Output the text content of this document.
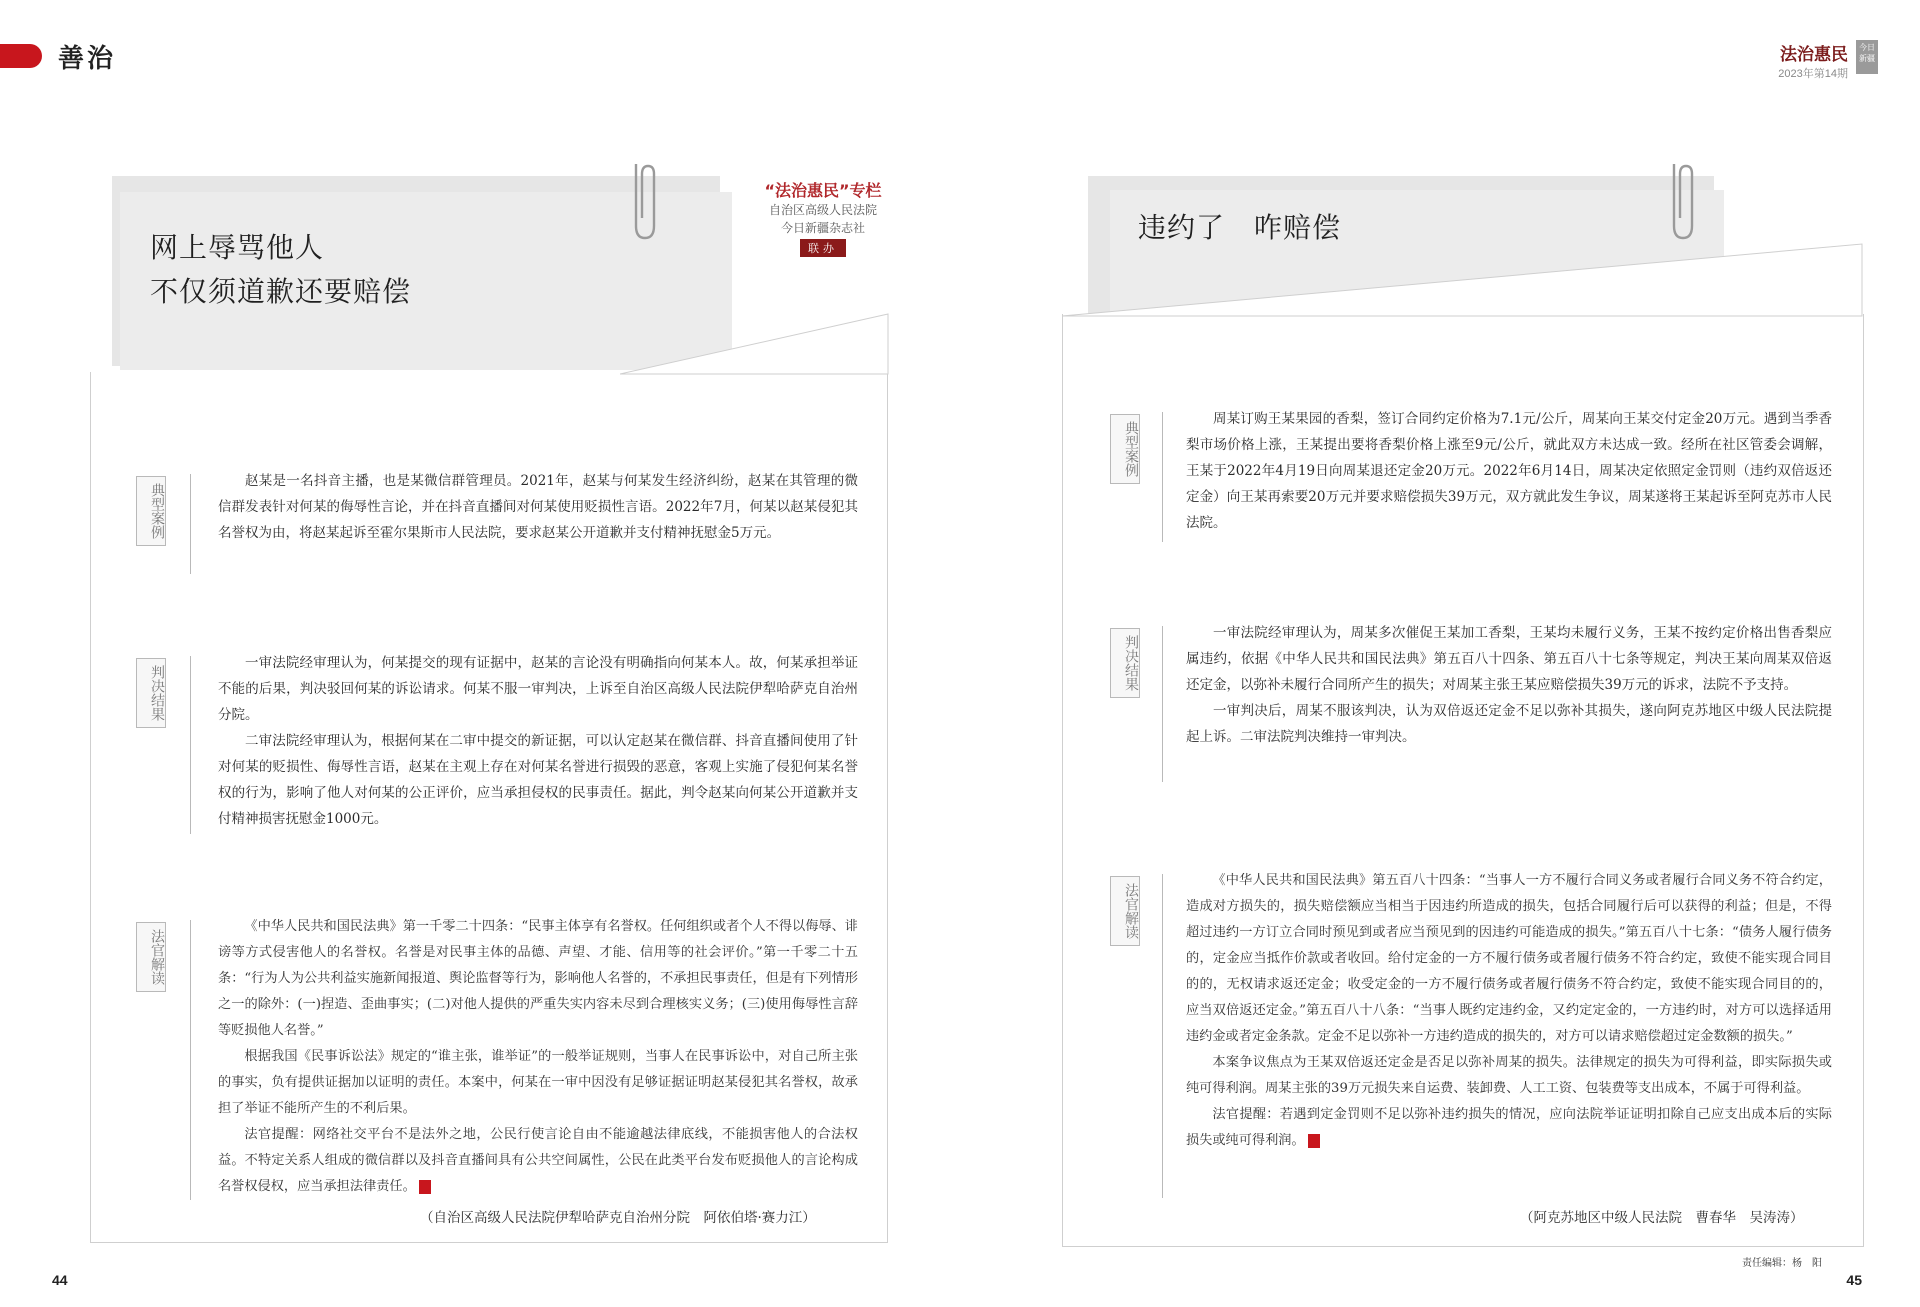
善治	法治惠民
2023年第14期
今日新疆
网上辱骂他人
不仅须道歉还要赔偿
“法治惠民”专栏
自治区高级人民法院
今日新疆杂志社
联办
典型案例

赵某是一名抖音主播，也是某微信群管理员。2021年，赵某与何某发生经济纠纷，赵某在其管理的微信群发表针对何某的侮辱性言论，并在抖音直播间对何某使用贬损性言语。2022年7月，何某以赵某侵犯其名誉权为由，将赵某起诉至霍尔果斯市人民法院，要求赵某公开道歉并支付精神抚慰金5万元。

判决结果

一审法院经审理认为，何某提交的现有证据中，赵某的言论没有明确指向何某本人。故，何某承担举证不能的后果，判决驳回何某的诉讼请求。何某不服一审判决，上诉至自治区高级人民法院伊犁哈萨克自治州分院。

二审法院经审理认为，根据何某在二审中提交的新证据，可以认定赵某在微信群、抖音直播间使用了针对何某的贬损性、侮辱性言语，赵某在主观上存在对何某名誉进行损毁的恶意，客观上实施了侵犯何某名誉权的行为，影响了他人对何某的公正评价，应当承担侵权的民事责任。据此，判令赵某向何某公开道歉并支付精神损害抚慰金1000元。

法官解读

《中华人民共和国民法典》第一千零二十四条：“民事主体享有名誉权。任何组织或者个人不得以侮辱、诽谤等方式侵害他人的名誉权。名誉是对民事主体的品德、声望、才能、信用等的社会评价。”第一千零二十五条：“行为人为公共利益实施新闻报道、舆论监督等行为，影响他人名誉的，不承担民事责任，但是有下列情形之一的除外：(一)捏造、歪曲事实；(二)对他人提供的严重失实内容未尽到合理核实义务；(三)使用侮辱性言辞等贬损他人名誉。”

根据我国《民事诉讼法》规定的“谁主张，谁举证”的一般举证规则，当事人在民事诉讼中，对自己所主张的事实，负有提供证据加以证明的责任。本案中，何某在一审中因没有足够证据证明赵某侵犯其名誉权，故承担了举证不能所产生的不利后果。

法官提醒：网络社交平台不是法外之地，公民行使言论自由不能逾越法律底线，不能损害他人的合法权益。不特定关系人组成的微信群以及抖音直播间具有公共空间属性，公民在此类平台发布贬损他人的言论构成名誉权侵权，应当承担法律责任。

（自治区高级人民法院伊犁哈萨克自治州分院　阿依伯塔·赛力江）
违约了　咋赔偿
典型案例

周某订购王某果园的香梨，签订合同约定价格为7.1元/公斤，周某向王某交付定金20万元。遇到当季香梨市场价格上涨，王某提出要将香梨价格上涨至9元/公斤，就此双方未达成一致。经所在社区管委会调解，王某于2022年4月19日向周某退还定金20万元。2022年6月14日，周某决定依照定金罚则（违约双倍返还定金）向王某再索要20万元并要求赔偿损失39万元，双方就此发生争议，周某遂将王某起诉至阿克苏市人民法院。

判决结果

一审法院经审理认为，周某多次催促王某加工香梨，王某均未履行义务，王某不按约定价格出售香梨应属违约，依据《中华人民共和国民法典》第五百八十四条、第五百八十七条等规定，判决王某向周某双倍返还定金，以弥补未履行合同所产生的损失；对周某主张王某应赔偿损失39万元的诉求，法院不予支持。

一审判决后，周某不服该判决，认为双倍返还定金不足以弥补其损失，遂向阿克苏地区中级人民法院提起上诉。二审法院判决维持一审判决。

法官解读

《中华人民共和国民法典》第五百八十四条：“当事人一方不履行合同义务或者履行合同义务不符合约定，造成对方损失的，损失赔偿额应当相当于因违约所造成的损失，包括合同履行后可以获得的利益；但是，不得超过违约一方订立合同时预见到或者应当预见到的因违约可能造成的损失。”第五百八十七条：“债务人履行债务的，定金应当抵作价款或者收回。给付定金的一方不履行债务或者履行债务不符合约定，致使不能实现合同目的的，无权请求返还定金；收受定金的一方不履行债务或者履行债务不符合约定，致使不能实现合同目的的，应当双倍返还定金。”第五百八十八条：“当事人既约定违约金，又约定定金的，一方违约时，对方可以选择适用违约金或者定金条款。定金不足以弥补一方违约造成的损失的，对方可以请求赔偿超过定金数额的损失。”

本案争议焦点为王某双倍返还定金是否足以弥补周某的损失。法律规定的损失为可得利益，即实际损失或纯可得利润。周某主张的39万元损失来自运费、装卸费、人工工资、包装费等支出成本，不属于可得利益。

法官提醒：若遇到定金罚则不足以弥补违约损失的情况，应向法院举证证明扣除自己应支出成本后的实际损失或纯可得利润。

（阿克苏地区中级人民法院　曹春华　吴涛涛）
44
责任编辑：杨　阳
45
